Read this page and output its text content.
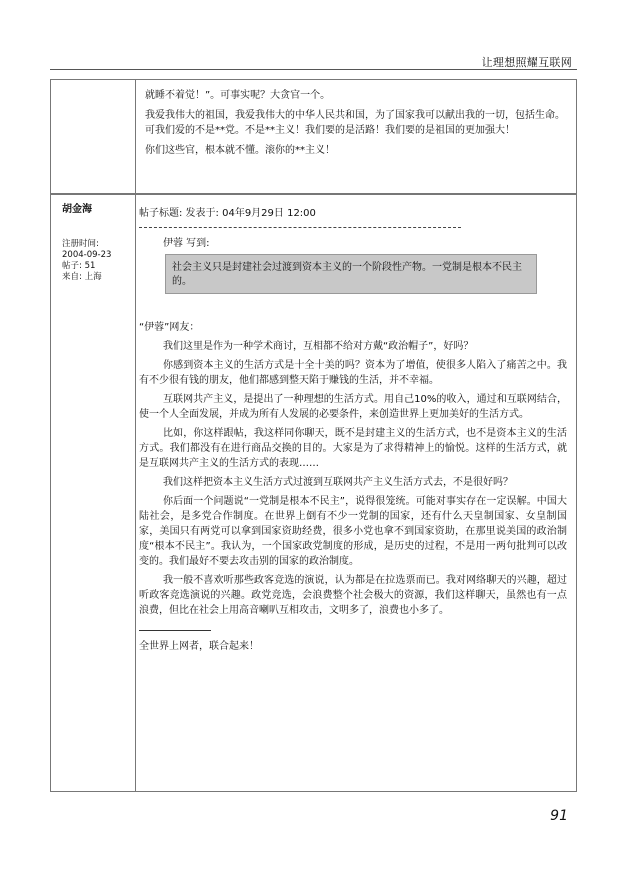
让理想照耀互联网

就睡不着觉！”。可事实呢？大贪官一个。

我爱我伟大的祖国，我爱我伟大的中华人民共和国，为了国家我可以献出我的一切，包括生命。可我们爱的不是**党。不是**主义！我们要的是活路！我们要的是祖国的更加强大！

你们这些官，根本就不懂。滚你的**主义！

胡金海
注册时间:
2004-09-23
帖子: 51
来自: 上海
帖子标题: 发表于: 04年9月29日 12:00
伊蓉 写到:
社会主义只是封建社会过渡到资本主义的一个阶段性产物。一党制是根本不民主的。
“伊蓉”网友：
我们这里是作为一种学术商讨，互相都不给对方戴“政治帽子”，好吗？
你感到资本主义的生活方式是十全十美的吗？资本为了增值，使很多人陷入了痛苦之中。我有不少很有钱的朋友，他们都感到整天陷于赚钱的生活，并不幸福。
互联网共产主义，是提出了一种理想的生活方式。用自己10%的收入，通过和互联网结合，使一个人全面发展，并成为所有人发展的必要条件，来创造世界上更加美好的生活方式。
比如，你这样跟帖，我这样同你聊天，既不是封建主义的生活方式，也不是资本主义的生活方式。我们都没有在进行商品交换的目的。大家是为了求得精神上的愉悦。这样的生活方式，就是互联网共产主义的生活方式的表现……
我们这样把资本主义生活方式过渡到互联网共产主义生活方式去，不是很好吗？
你后面一个问题说“一党制是根本不民主”，说得很笼统。可能对事实存在一定误解。中国大陆社会，是多党合作制度。在世界上倒有不少一党制的国家，还有什么天皇制国家、女皇制国家，美国只有两党可以拿到国家资助经费，很多小党也拿不到国家资助，在那里说美国的政治制度“根本不民主”。我认为，一个国家政党制度的形成，是历史的过程，不是用一两句批判可以改变的。我们最好不要去攻击别的国家的政治制度。
我一般不喜欢听那些政客竞选的演说，认为都是在拉选票而已。我对网络聊天的兴趣，超过听政客竞选演说的兴趣。政党竞选，会浪费整个社会极大的资源，我们这样聊天，虽然也有一点浪费，但比在社会上用高音喇叭互相攻击，文明多了，浪费也小多了。
全世界上网者，联合起来！
91
